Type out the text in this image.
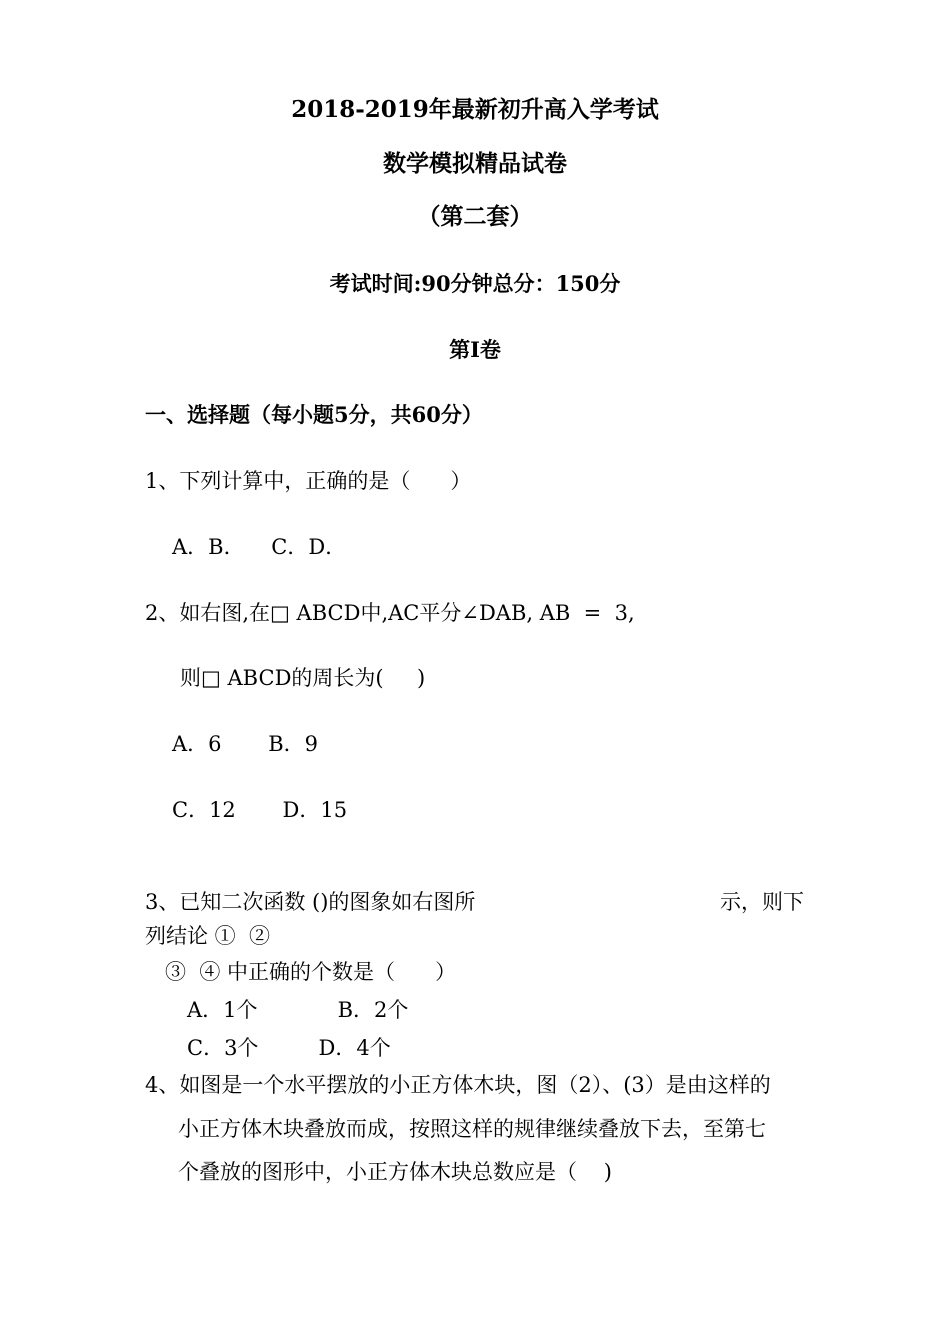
2018-2019年最新初升高入学考试
数学模拟精品试卷
（第二套）
考试时间:90分钟总分：150分
第Ⅰ卷
一、选择题（每小题5分，共60分）
1、下列计算中，正确的是（      ）
A．B．    C．D．
2、如右图,在□ ABCD中,AC平分∠DAB, AB  =  3,
则□ ABCD的周长为(     )
A．6       B．9
C．12       D．15
3、已知二次函数 ()的图象如右图所	示，则下
列结论 ①  ②
③  ④ 中正确的个数是（      ）
A．1个            B．2个
C．3个         D．4个
4、如图是一个水平摆放的小正方体木块，图（2）、(3）是由这样的
小正方体木块叠放而成，按照这样的规律继续叠放下去，至第七
个叠放的图形中，小正方体木块总数应是（    )
